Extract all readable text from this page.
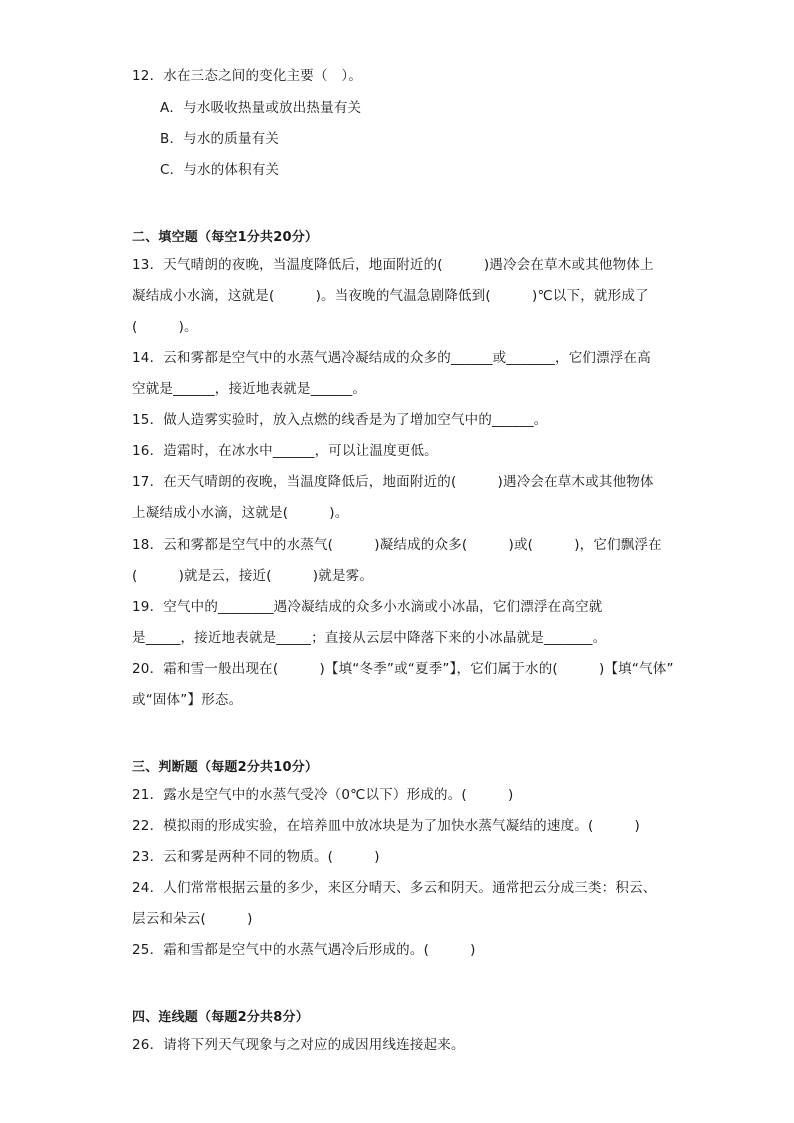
12．水在三态之间的变化主要（　）。
A．与水吸收热量或放出热量有关
B．与水的质量有关
C．与水的体积有关
二、填空题（每空1分共20分）
13．天气晴朗的夜晚，当温度降低后，地面附近的(　　　)遇冷会在草木或其他物体上
凝结成小水滴，这就是(　　　)。当夜晚的气温急剧降低到(　　　)℃以下，就形成了
(　　　)。
14．云和雾都是空气中的水蒸气遇冷凝结成的众多的______或_______，它们漂浮在高
空就是______，接近地表就是______。
15．做人造雾实验时，放入点燃的线香是为了增加空气中的______。
16．造霜时，在冰水中______，可以让温度更低。
17．在天气晴朗的夜晚，当温度降低后，地面附近的(　　　)遇冷会在草木或其他物体
上凝结成小水滴，这就是(　　　)。
18．云和雾都是空气中的水蒸气(　　　)凝结成的众多(　　　)或(　　　)，它们飘浮在
(　　　)就是云，接近(　　　)就是雾。
19．空气中的________遇冷凝结成的众多小水滴或小冰晶，它们漂浮在高空就
是_____，接近地表就是_____；直接从云层中降落下来的小冰晶就是_______。
20．霜和雪一般出现在(　　　)【填“冬季”或“夏季”】，它们属于水的(　　　)【填“气体”
或“固体”】形态。
三、判断题（每题2分共10分）
21．露水是空气中的水蒸气受冷（0℃以下）形成的。(　　　)
22．模拟雨的形成实验，在培养皿中放冰块是为了加快水蒸气凝结的速度。(　　　)
23．云和雾是两种不同的物质。(　　　)
24．人们常常根据云量的多少，来区分晴天、多云和阴天。通常把云分成三类：积云、
层云和朵云(　　　)
25．霜和雪都是空气中的水蒸气遇冷后形成的。(　　　)
四、连线题（每题2分共8分）
26．请将下列天气现象与之对应的成因用线连接起来。
